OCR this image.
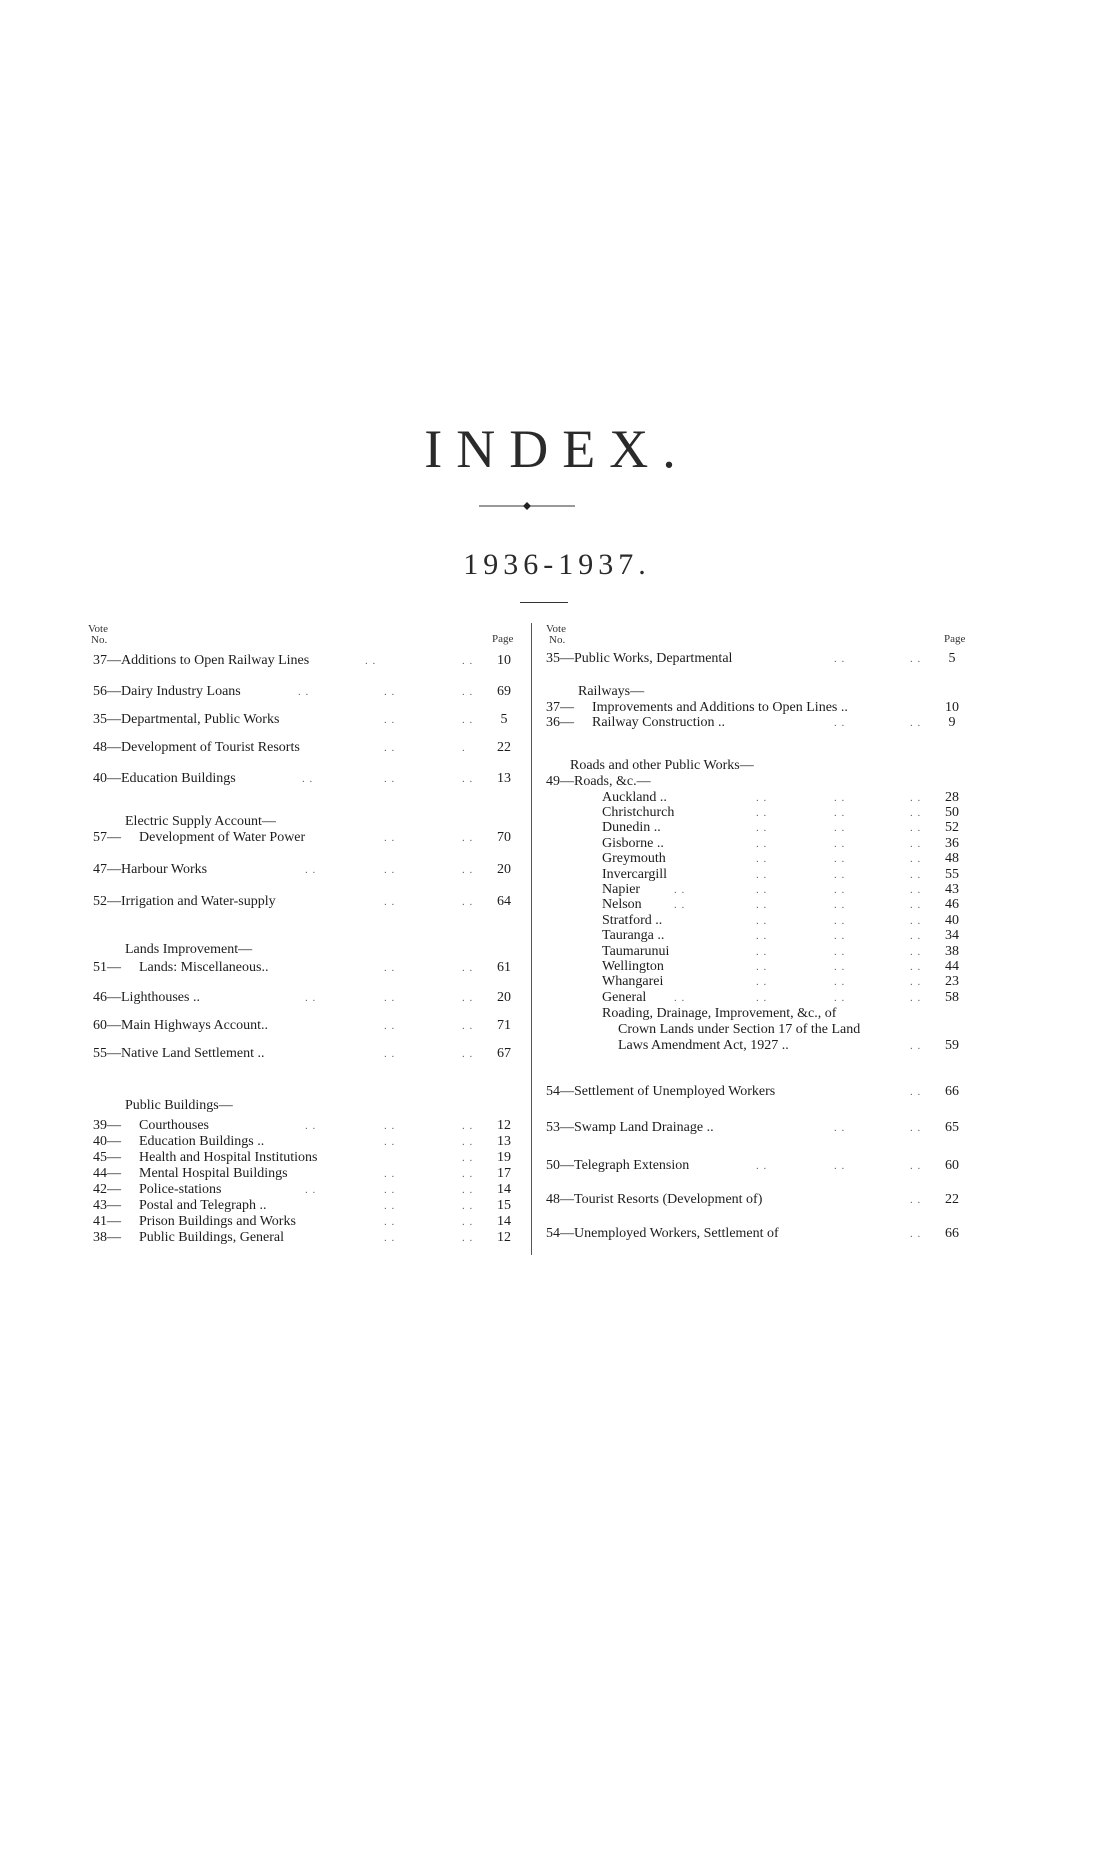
INDEX.
1936-1937.
Vote
No.	Page
37—Additions to Open Railway Lines	. .	. .	10
56—Dairy Industry Loans	. .	. .	. .	69
35—Departmental, Public Works	. .	. .	5
48—Development of Tourist Resorts	. .	.	22
40—Education Buildings	. .	. .	. .	13
Electric Supply Account—
57— Development of Water Power	. .	. .	70
47—Harbour Works	. .	. .	. .	20
52—Irrigation and Water-supply	. .	. .	64
Lands Improvement—
51— Lands: Miscellaneous..	. .	. .	61
46—Lighthouses ..	. .	. .	. .	20
60—Main Highways Account..	. .	. .	71
55—Native Land Settlement ..	. .	. .	67
Public Buildings—
39— Courthouses	. .	. .	. .	12
40— Education Buildings ..	. .	. .	13
45— Health and Hospital Institutions	. .	19
44— Mental Hospital Buildings	. .	. .	17
42— Police-stations	. .	. .	. .	14
43— Postal and Telegraph ..	. .	. .	15
41— Prison Buildings and Works	. .	. .	14
38— Public Buildings, General	. .	. .	12
Vote
No.	Page
35—Public Works, Departmental	. .	. .	5
Railways—
37— Improvements and Additions to Open Lines ..	10
36— Railway Construction ..	. .	. .	9
Roads and other Public Works—
49—Roads, &c.—
Auckland ..	. .	. .	. .	28
Christchurch	. .	. .	. .	50
Dunedin ..	. .	. .	. .	52
Gisborne ..	. .	. .	. .	36
Greymouth	. .	. .	. .	48
Invercargill	. .	. .	. .	55
Napier	. .	. .	. .	. .	43
Nelson	. .	. .	. .	. .	46
Stratford ..	. .	. .	. .	40
Tauranga ..	. .	. .	. .	34
Taumarunui	. .	. .	. .	38
Wellington	. .	. .	. .	44
Whangarei	. .	. .	. .	23
General	. .	. .	. .	. .	58
Roading, Drainage, Improvement, &c., of
Crown Lands under Section 17 of the Land
Laws Amendment Act, 1927 ..	. .	59
54—Settlement of Unemployed Workers	. .	66
53—Swamp Land Drainage ..	. .	. .	65
50—Telegraph Extension	. .	. .	. .	60
48—Tourist Resorts (Development of)	. .	22
54—Unemployed Workers, Settlement of	. .	66
